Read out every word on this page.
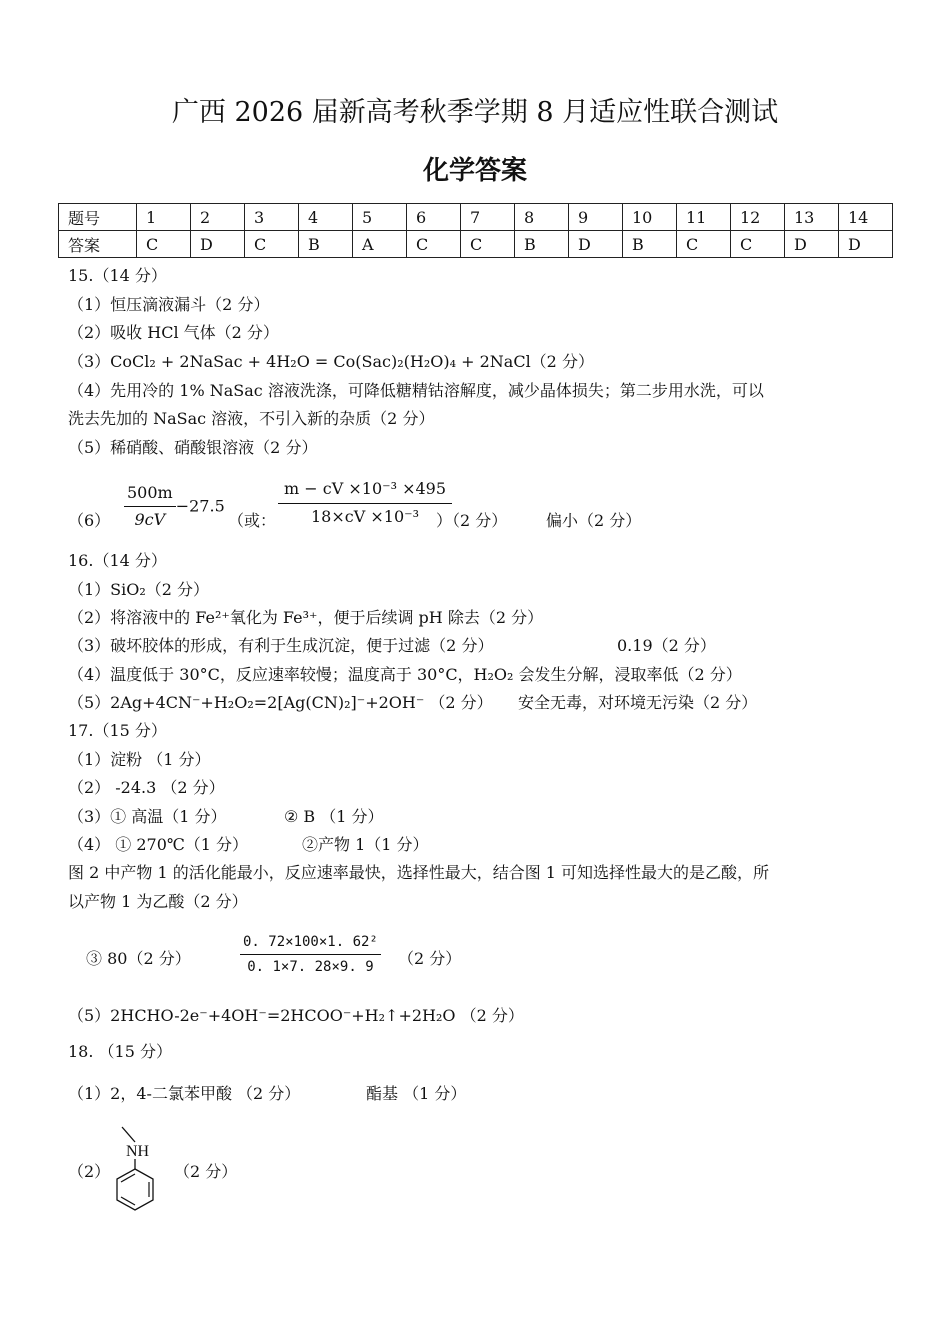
广西 2026 届新高考秋季学期 8 月适应性联合测试
化学答案
题号	1	2	3	4	5	6	7	8	9	10	11	12	13	14
答案	C	D	C	B	A	C	C	B	D	B	C	C	D	D
15.（14 分）
（1）恒压滴液漏斗（2 分）
（2）吸收 HCl 气体（2 分）
（3）CoCl₂ + 2NaSac + 4H₂O = Co(Sac)₂(H₂O)₄ + 2NaCl（2 分）
（4）先用冷的 1% NaSac 溶液洗涤，可降低糖精钴溶解度，减少晶体损失；第二步用水洗，可以
洗去先加的 NaSac 溶液，不引入新的杂质（2 分）
（5）稀硝酸、硝酸银溶液（2 分）
$(6) \frac{500m}{9cV} -27.5$
（或： $\frac{\text{m − cV ×10⁻³ ×495}}{\text{18×cV ×10⁻³}}$
）（2 分） 偏小（2 分）
16.（14 分）
（1）SiO₂（2 分）
（2）将溶液中的 Fe²⁺氧化为 Fe³⁺，便于后续调 pH 除去（2 分）
（3）破坏胶体的形成，有利于生成沉淀，便于过滤（2 分）	0.19（2 分）
（4）温度低于 30°C，反应速率较慢；温度高于 30°C，H₂O₂ 会发生分解，浸取率低（2 分）
（5）2Ag+4CN⁻+H₂O₂=2[Ag(CN)₂]⁻+2OH⁻ （2 分） 安全无毒，对环境无污染（2 分）
17.（15 分）
（1）淀粉 （1 分）
（2） -24.3 （2 分）
（3）① 高温（1 分）	② B （1 分）
（4） ① 270℃（1 分）	②产物 1（1 分）
图 2 中产物 1 的活化能最小，反应速率最快，选择性最大，结合图 1 可知选择性最大的是乙酸，所
以产物 1 为乙酸（2 分）
③ 80（2 分）	$\frac{\text{0. 72×100×1. 62²}}{0. 1\times 7. 28\times 9. 9} (2$ 分）
（5）2HCHO-2e⁻+4OH⁻=2HCOO⁻+H₂↑+2H₂O （2 分）
18. （15 分）
（1）2，4-二氯苯甲酸 （2 分）	酯基 （1 分）
（2）
NH
（2 分）
